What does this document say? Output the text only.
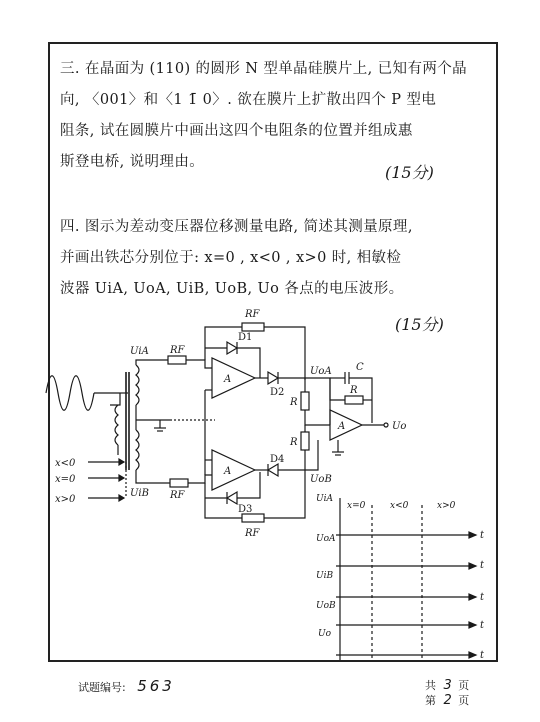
三. 在晶面为 (110) 的圆形 N 型单晶硅膜片上, 已知有两个晶
向, 〈001〉和〈1 1̄ 0〉. 欲在膜片上扩散出四个 P 型电
阻条, 试在圆膜片中画出这四个电阻条的位置并组成惠
斯登电桥, 说明理由。
(15分)
四. 图示为差动变压器位移测量电路, 简述其测量原理,
并画出铁芯分别位于: x=0 , x<0 , x>0 时, 相敏检
波器 UiA, UoA, UiB, UoB, Uo 各点的电压波形。
(15分)
RF
RF
RF
RF
D1
D2
D3
D4
A
A
A
R
R
R
C
UiA
UiB
UoA
UoB
Uo
x<0
x=0
x>0
x=0	x<0	x>0
UiA
UoA
UiB
UoB
Uo
t
t
t
t
t
试题编号: 563	共 3 页
第 2 页
